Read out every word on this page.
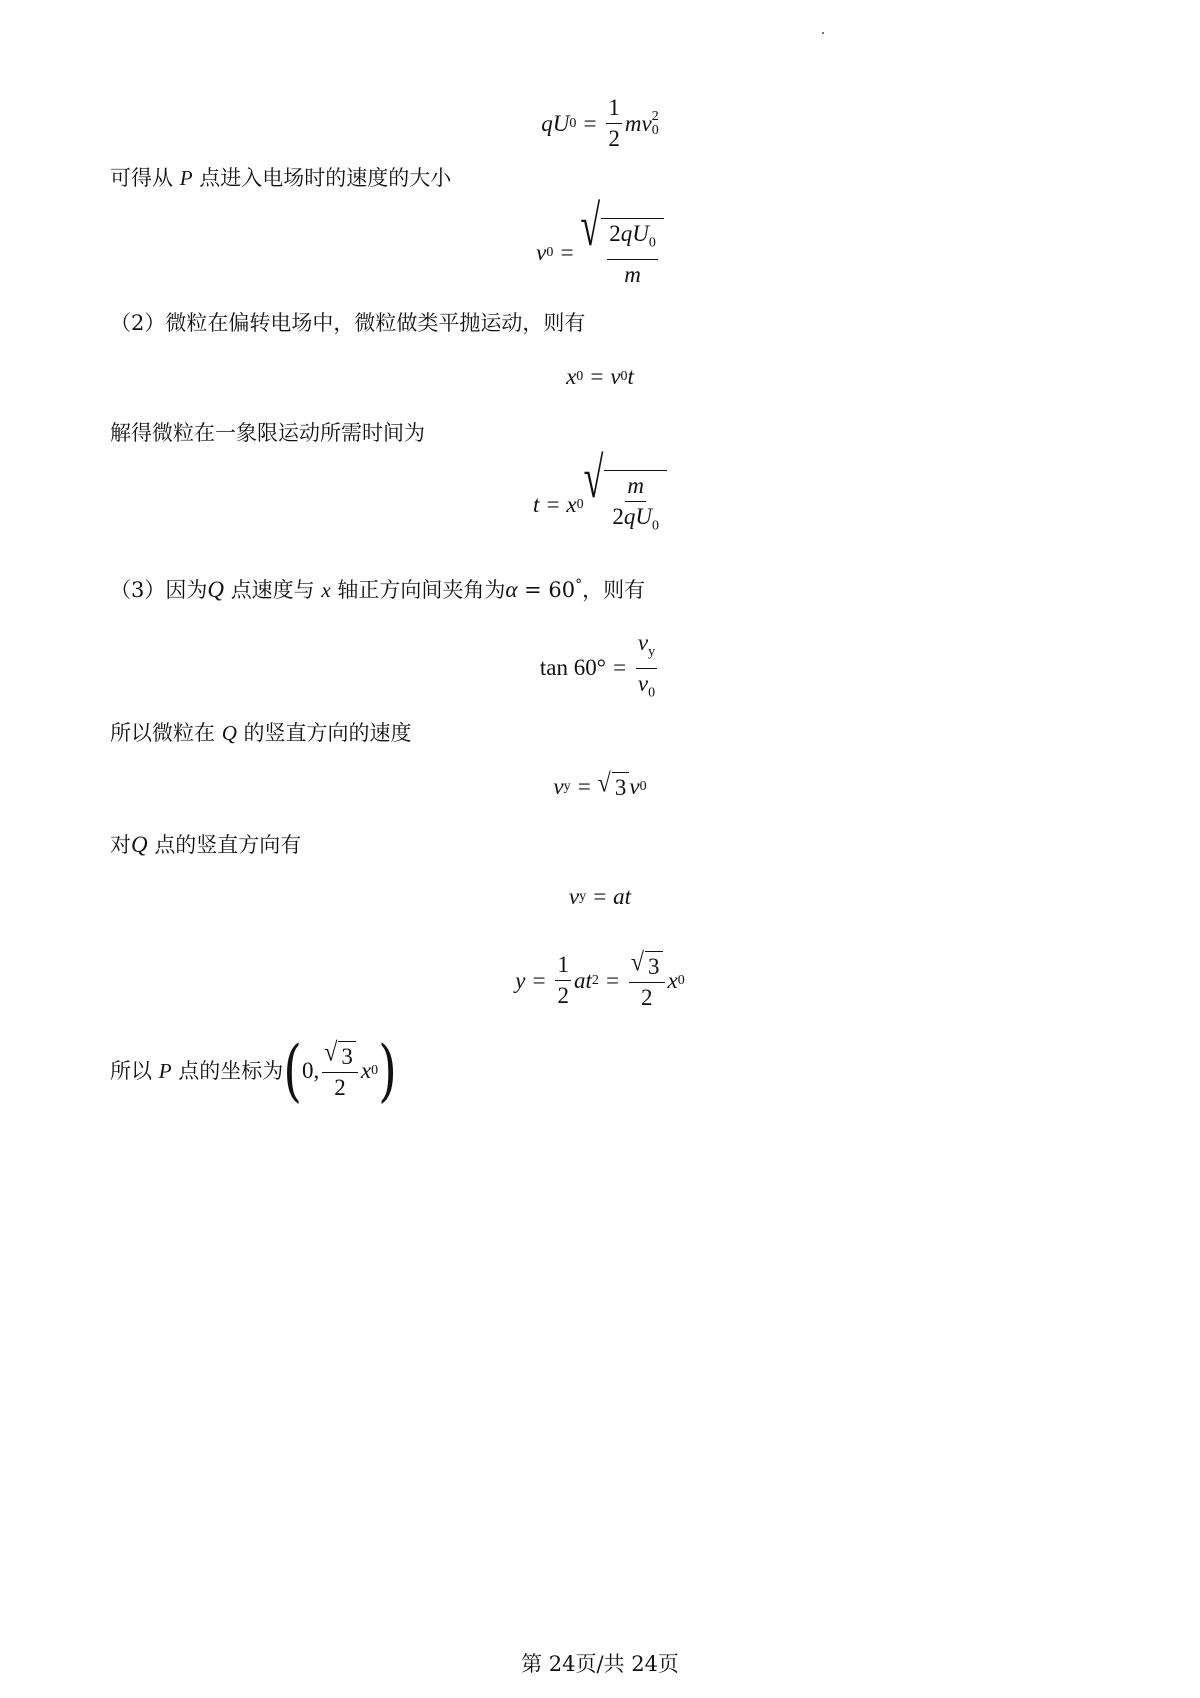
qU $0 = \frac{1}{2}$ mv 2
0
可得从 P 点进入电场时的速度的大小
v 0 = √ $\frac{2qU_0}{m}$
（2）微粒在偏转电场中，微粒做类平抛运动，则有
x 0 = v 0 t
解得微粒在一象限运动所需时间为
t = x 0 √ $\frac{m}{2qU_0}$
（3）因为Q 点速度与 x 轴正方向间夹角为α = 60°，则有
$\tan 60^\circ = \frac{v_y}{v_0}$
所以微粒在 Q 的竖直方向的速度
v y = √ 3 v 0
对Q 点的竖直方向有
v y = at
$y = \frac{1}{2}$ at $2 = \frac{√ 3}{2}$ x 0
所以
P
点的坐标为 ( 0, $\frac{√ 3}{2}$ x 0 )
第 24页/共 24页
